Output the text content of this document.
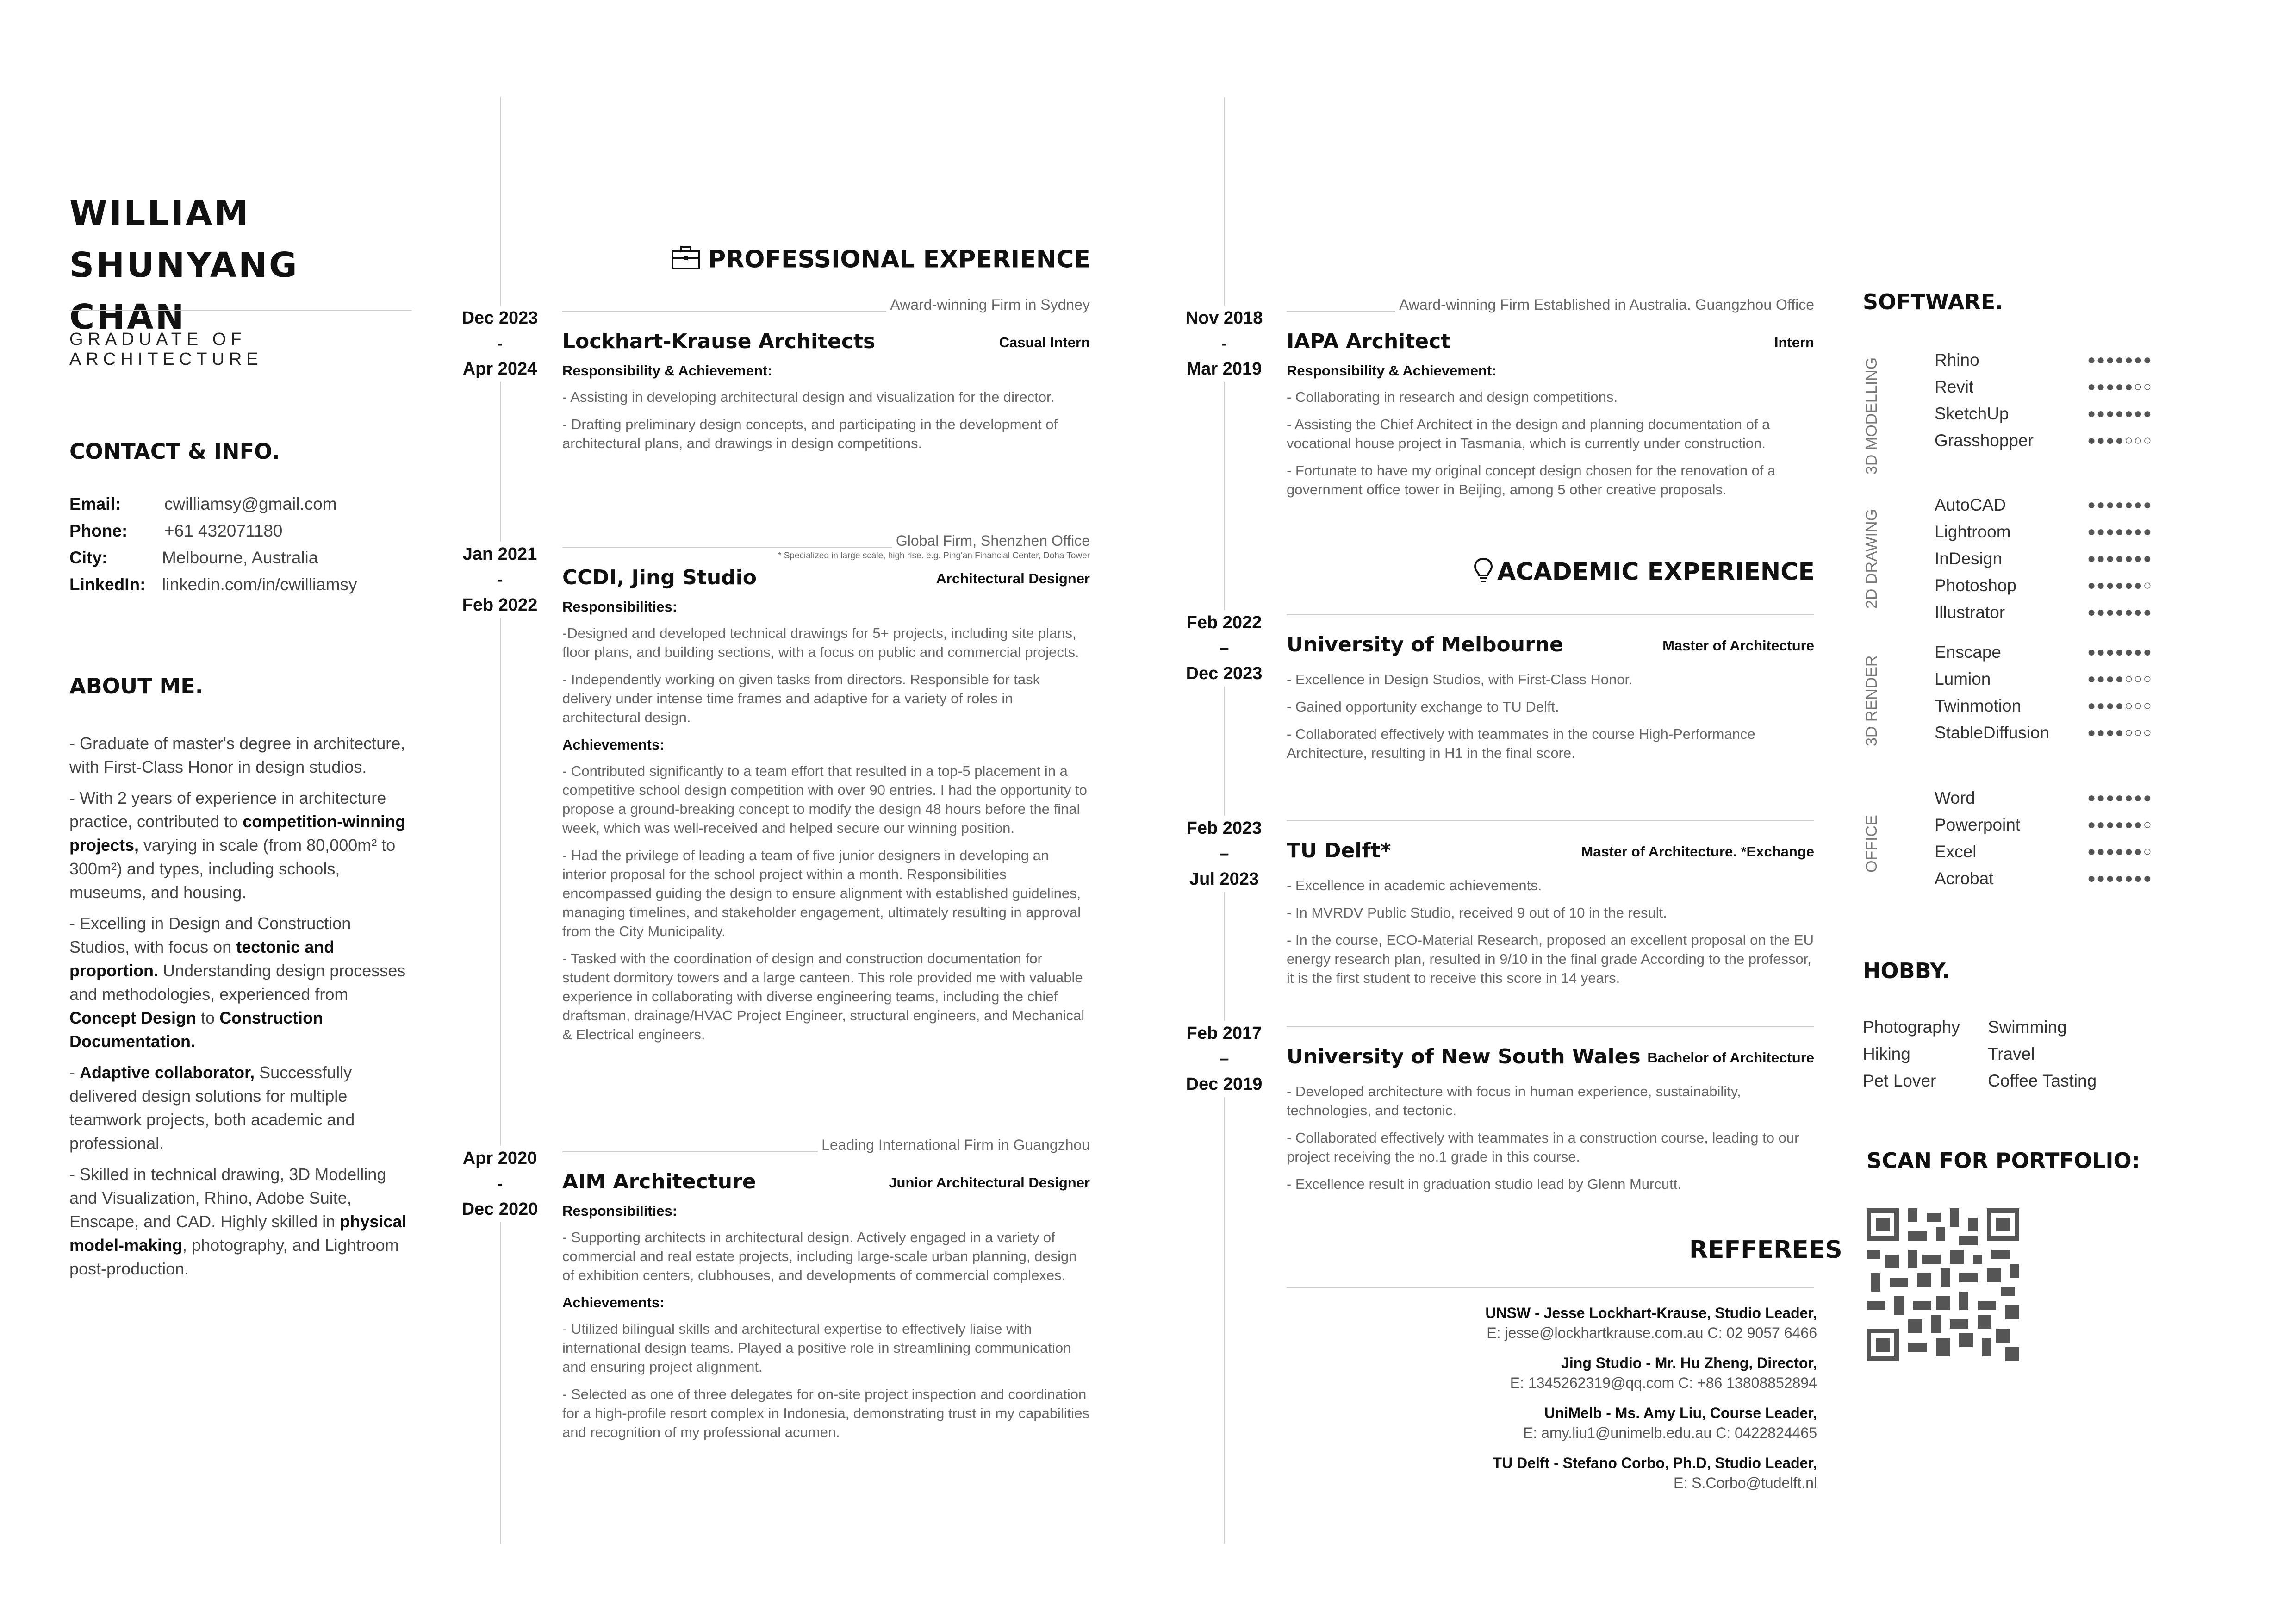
WILLIAM
SHUNYANG CHAN
GRADUATE OF ARCHITECTURE
CONTACT & INFO.
Email:	cwilliamsy@gmail.com
Phone: +61 432071180
City:	Melbourne, Australia
LinkedIn: linkedin.com/in/cwilliamsy
ABOUT ME.

- Graduate of master's degree in architecture, with First-Class Honor in design studios.

- With 2 years of experience in architecture practice, contributed to competition-winning projects, varying in scale (from 80,000m² to 300m²) and types, including schools, museums, and housing.

- Excelling in Design and Construction Studios, with focus on tectonic and proportion. Understanding design processes and methodologies, experienced from Concept Design to Construction Documentation.

- Adaptive collaborator, Successfully delivered design solutions for multiple teamwork projects, both academic and professional.

- Skilled in technical drawing, 3D Modelling and Visualization, Rhino, Adobe Suite, Enscape, and CAD. Highly skilled in physical model-making, photography, and Lightroom post-production.

PROFESSIONAL EXPERIENCE
Dec 2023
-
Apr 2024
Award-winning Firm in Sydney
Lockhart-Krause Architects	Casual Intern
Responsibility & Achievement:

- Assisting in developing architectural design and visualization for the director.

- Drafting preliminary design concepts, and participating in the development of architectural plans, and drawings in design competitions.

Jan 2021
-
Feb 2022
Global Firm, Shenzhen Office
* Specialized in large scale, high rise. e.g. Ping'an Financial Center, Doha Tower
CCDI, Jing Studio	Architectural Designer
Responsibilities:

-Designed and developed technical drawings for 5+ projects, including site plans, floor plans, and building sections, with a focus on public and commercial projects.

- Independently working on given tasks from directors. Responsible for task delivery under intense time frames and adaptive for a variety of roles in architectural design.

Achievements:

- Contributed significantly to a team effort that resulted in a top-5 placement in a competitive school design competition with over 90 entries. I had the opportunity to propose a ground-breaking concept to modify the design 48 hours before the final week, which was well-received and helped secure our winning position.

- Had the privilege of leading a team of five junior designers in developing an interior proposal for the school project within a month. Responsibilities encompassed guiding the design to ensure alignment with established guidelines, managing timelines, and stakeholder engagement, ultimately resulting in approval from the City Municipality.

- Tasked with the coordination of design and construction documentation for student dormitory towers and a large canteen. This role provided me with valuable experience in collaborating with diverse engineering teams, including the chief draftsman, drainage/HVAC Project Engineer, structural engineers, and Mechanical & Electrical engineers.

Apr 2020
-
Dec 2020
Leading International Firm in Guangzhou
AIM Architecture	Junior Architectural Designer
Responsibilities:

- Supporting architects in architectural design. Actively engaged in a variety of commercial and real estate projects, including large-scale urban planning, design of exhibition centers, clubhouses, and developments of commercial complexes.

Achievements:

- Utilized bilingual skills and architectural expertise to effectively liaise with international design teams. Played a positive role in streamlining communication and ensuring project alignment.

- Selected as one of three delegates for on-site project inspection and coordination for a high-profile resort complex in Indonesia, demonstrating trust in my capabilities and recognition of my professional acumen.

Nov 2018
-
Mar 2019
Award-winning Firm Established in Australia. Guangzhou Office
IAPA Architect	Intern
Responsibility & Achievement:

- Collaborating in research and design competitions.

- Assisting the Chief Architect in the design and planning documentation of a vocational house project in Tasmania, which is currently under construction.

- Fortunate to have my original concept design chosen for the renovation of a government office tower in Beijing, among 5 other creative proposals.

ACADEMIC EXPERIENCE
Feb 2022
–
Dec 2023
University of Melbourne	Master of Architecture

- Excellence in Design Studios, with First-Class Honor.

- Gained opportunity exchange to TU Delft.

- Collaborated effectively with teammates in the course High-Performance Architecture, resulting in H1 in the final score.

Feb 2023
–
Jul 2023
TU Delft*	Master of Architecture. *Exchange

- Excellence in academic achievements.

- In MVRDV Public Studio, received 9 out of 10 in the result.

- In the course, ECO-Material Research, proposed an excellent proposal on the EU energy research plan, resulted in 9/10 in the final grade According to the professor, it is the first student to receive this score in 14 years.

Feb 2017
–
Dec 2019
University of New South Wales Bachelor of Architecture

- Developed architecture with focus in human experience, sustainability, technologies, and tectonic.

- Collaborated effectively with teammates in a construction course, leading to our project receiving the no.1 grade in this course.

- Excellence result in graduation studio lead by Glenn Murcutt.

REFFEREES
UNSW - Jesse Lockhart-Krause, Studio Leader,
E: jesse@lockhartkrause.com.au C: 02 9057 6466
Jing Studio - Mr. Hu Zheng, Director,
E: 1345262319@qq.com C: +86 13808852894
UniMelb - Ms. Amy Liu, Course Leader,
E: amy.liu1@unimelb.edu.au C: 0422824465
TU Delft - Stefano Corbo, Ph.D, Studio Leader,
E: S.Corbo@tudelft.nl
SOFTWARE.
3D MODELLING	Rhino	●●●●●●●
Revit	●●●●●○○
SketchUp	●●●●●●●
Grasshopper	●●●●○○○
2D DRAWING
AutoCAD	●●●●●●●
Lightroom	●●●●●●●
InDesign	●●●●●●●
Photoshop	●●●●●●○
Illustrator	●●●●●●●
3D RENDER
Enscape	●●●●●●●
Lumion	●●●●○○○
Twinmotion	●●●●○○○
StableDiffusion	●●●●○○○
OFFICE
Word	●●●●●●●
Powerpoint	●●●●●●○
Excel	●●●●●●○
Acrobat	●●●●●●●
HOBBY.
Photography Swimming
Hiking	Travel
Pet Lover	Coffee Tasting
SCAN FOR PORTFOLIO:
